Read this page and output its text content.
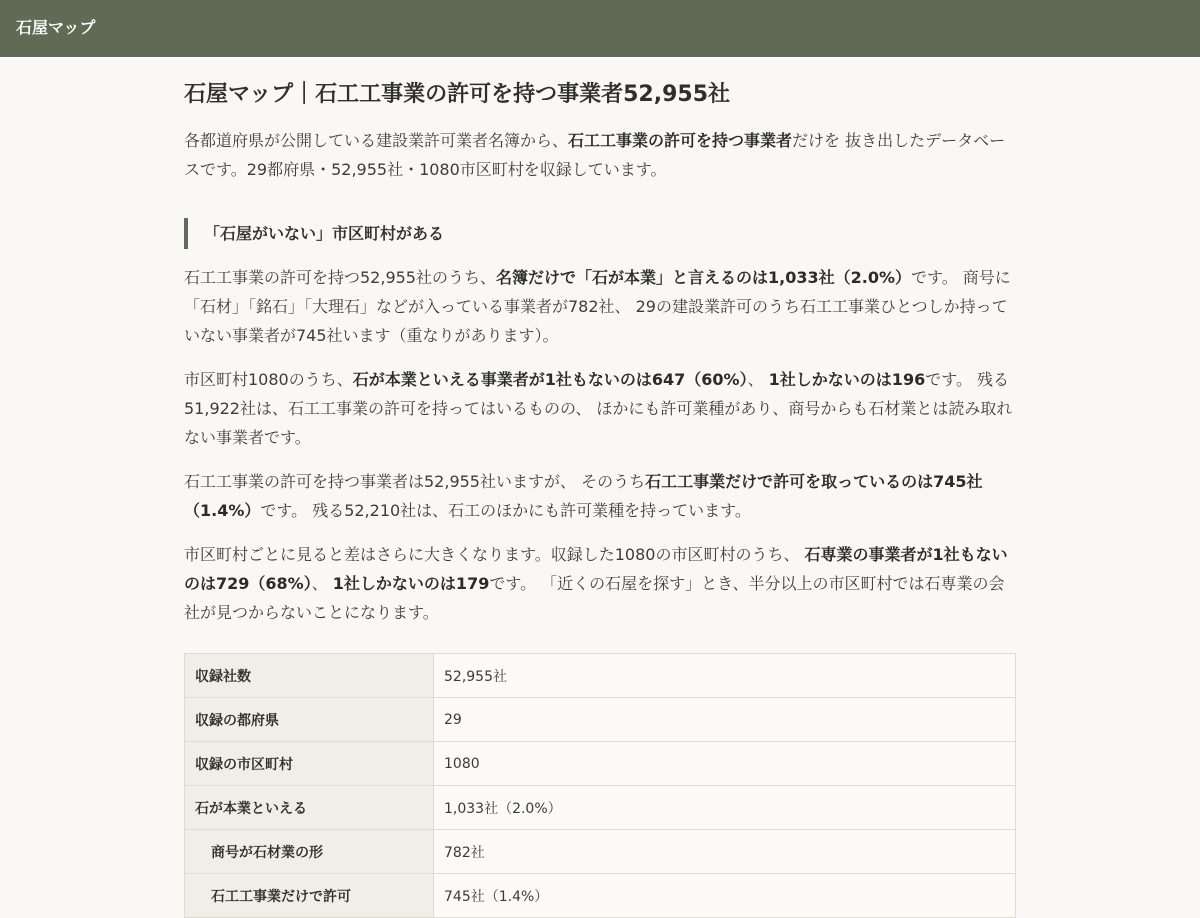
石屋マップ
石屋マップ｜石工工事業の許可を持つ事業者52,955社

各都道府県が公開している建設業許可業者名簿から、石工工事業の許可を持つ事業者だけを 抜き出したデータベースです。29都府県・52,955社・1080市区町村を収録しています。

「石屋がいない」市区町村がある

石工工事業の許可を持つ52,955社のうち、名簿だけで「石が本業」と言えるのは1,033社（2.0%）です。 商号に「石材」「銘石」「大理石」などが入っている事業者が782社、 29の建設業許可のうち石工工事業ひとつしか持っていない事業者が745社います（重なりがあります）。

市区町村1080のうち、石が本業といえる事業者が1社もないのは647（60%）、 1社しかないのは196です。 残る51,922社は、石工工事業の許可を持ってはいるものの、 ほかにも許可業種があり、商号からも石材業とは読み取れない事業者です。

石工工事業の許可を持つ事業者は52,955社いますが、 そのうち石工工事業だけで許可を取っているのは745社（1.4%）です。 残る52,210社は、石工のほかにも許可業種を持っています。

市区町村ごとに見ると差はさらに大きくなります。収録した1080の市区町村のうち、 石専業の事業者が1社もないのは729（68%）、 1社しかないのは179です。 「近くの石屋を探す」とき、半分以上の市区町村では石専業の会社が見つからないことになります。

収録社数	52,955社
収録の都府県	29
収録の市区町村	1080
石が本業といえる	1,033社（2.0%）
商号が石材業の形	782社
石工工事業だけで許可	745社（1.4%）
